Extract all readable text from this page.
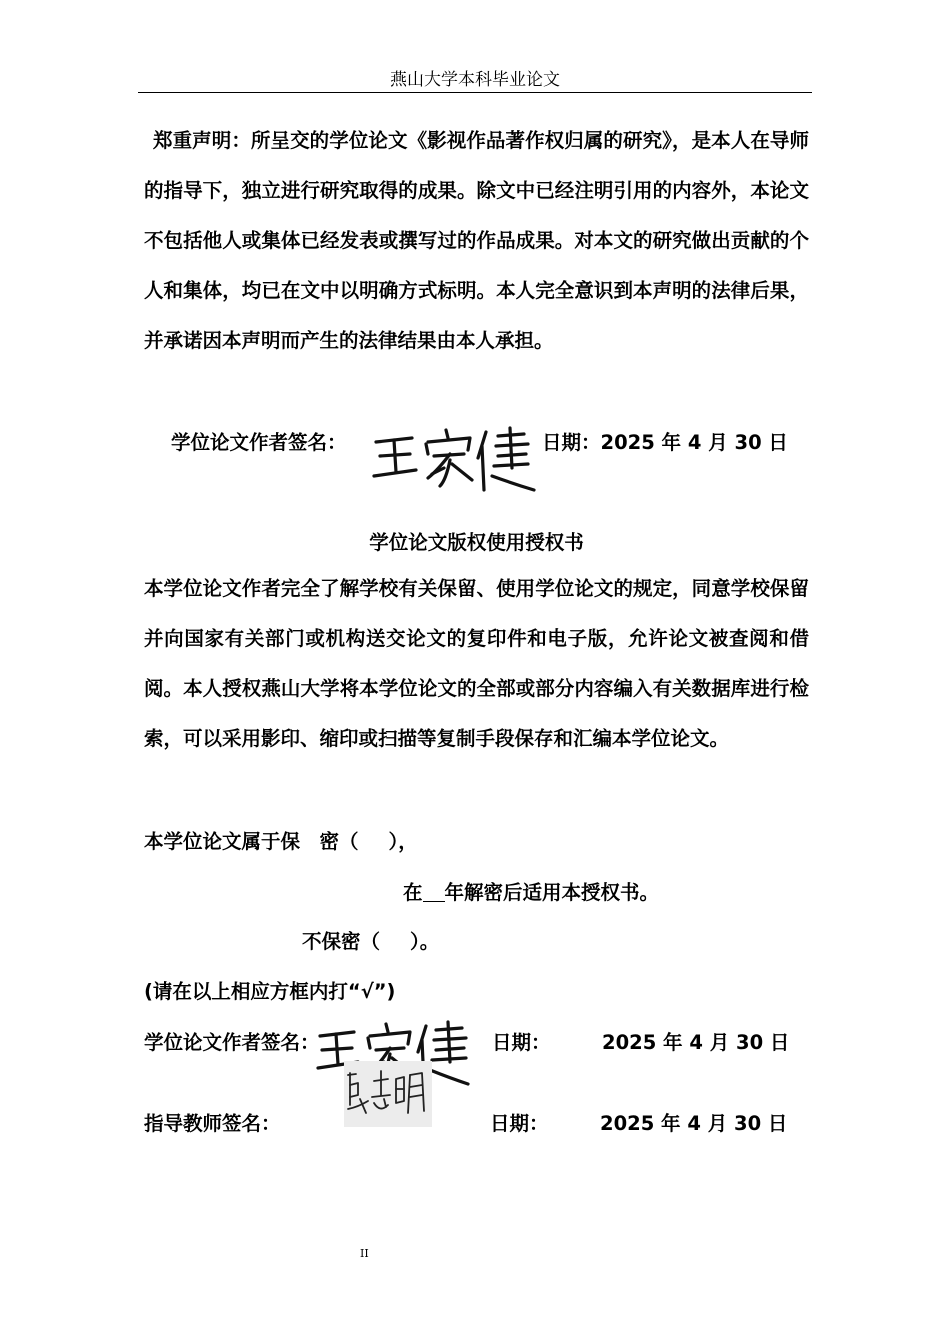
燕山大学本科毕业论文

郑重声明：所呈交的学位论文《影视作品著作权归属的研究》，是本人在导师的指导下，独立进行研究取得的成果。除文中已经注明引用的内容外，本论文不包括他人或集体已经发表或撰写过的作品成果。对本文的研究做出贡献的个人和集体，均已在文中以明确方式标明。本人完全意识到本声明的法律后果，并承诺因本声明而产生的法律结果由本人承担。

学位论文作者签名：	日期：2025 年 4 月 30 日
学位论文版权使用授权书

本学位论文作者完全了解学校有关保留、使用学位论文的规定，同意学校保留并向国家有关部门或机构送交论文的复印件和电子版，允许论文被查阅和借阅。本人授权燕山大学将本学位论文的全部或部分内容编入有关数据库进行检索，可以采用影印、缩印或扫描等复制手段保存和汇编本学位论文。

本学位论文属于保　密（ ），
在 年解密后适用本授权书。
不保密（ ）。
(请在以上相应方框内打“√”)
学位论文作者签名：	日期：	2025 年 4 月 30 日
指导教师签名：	日期：	2025 年 4 月 30 日
II
